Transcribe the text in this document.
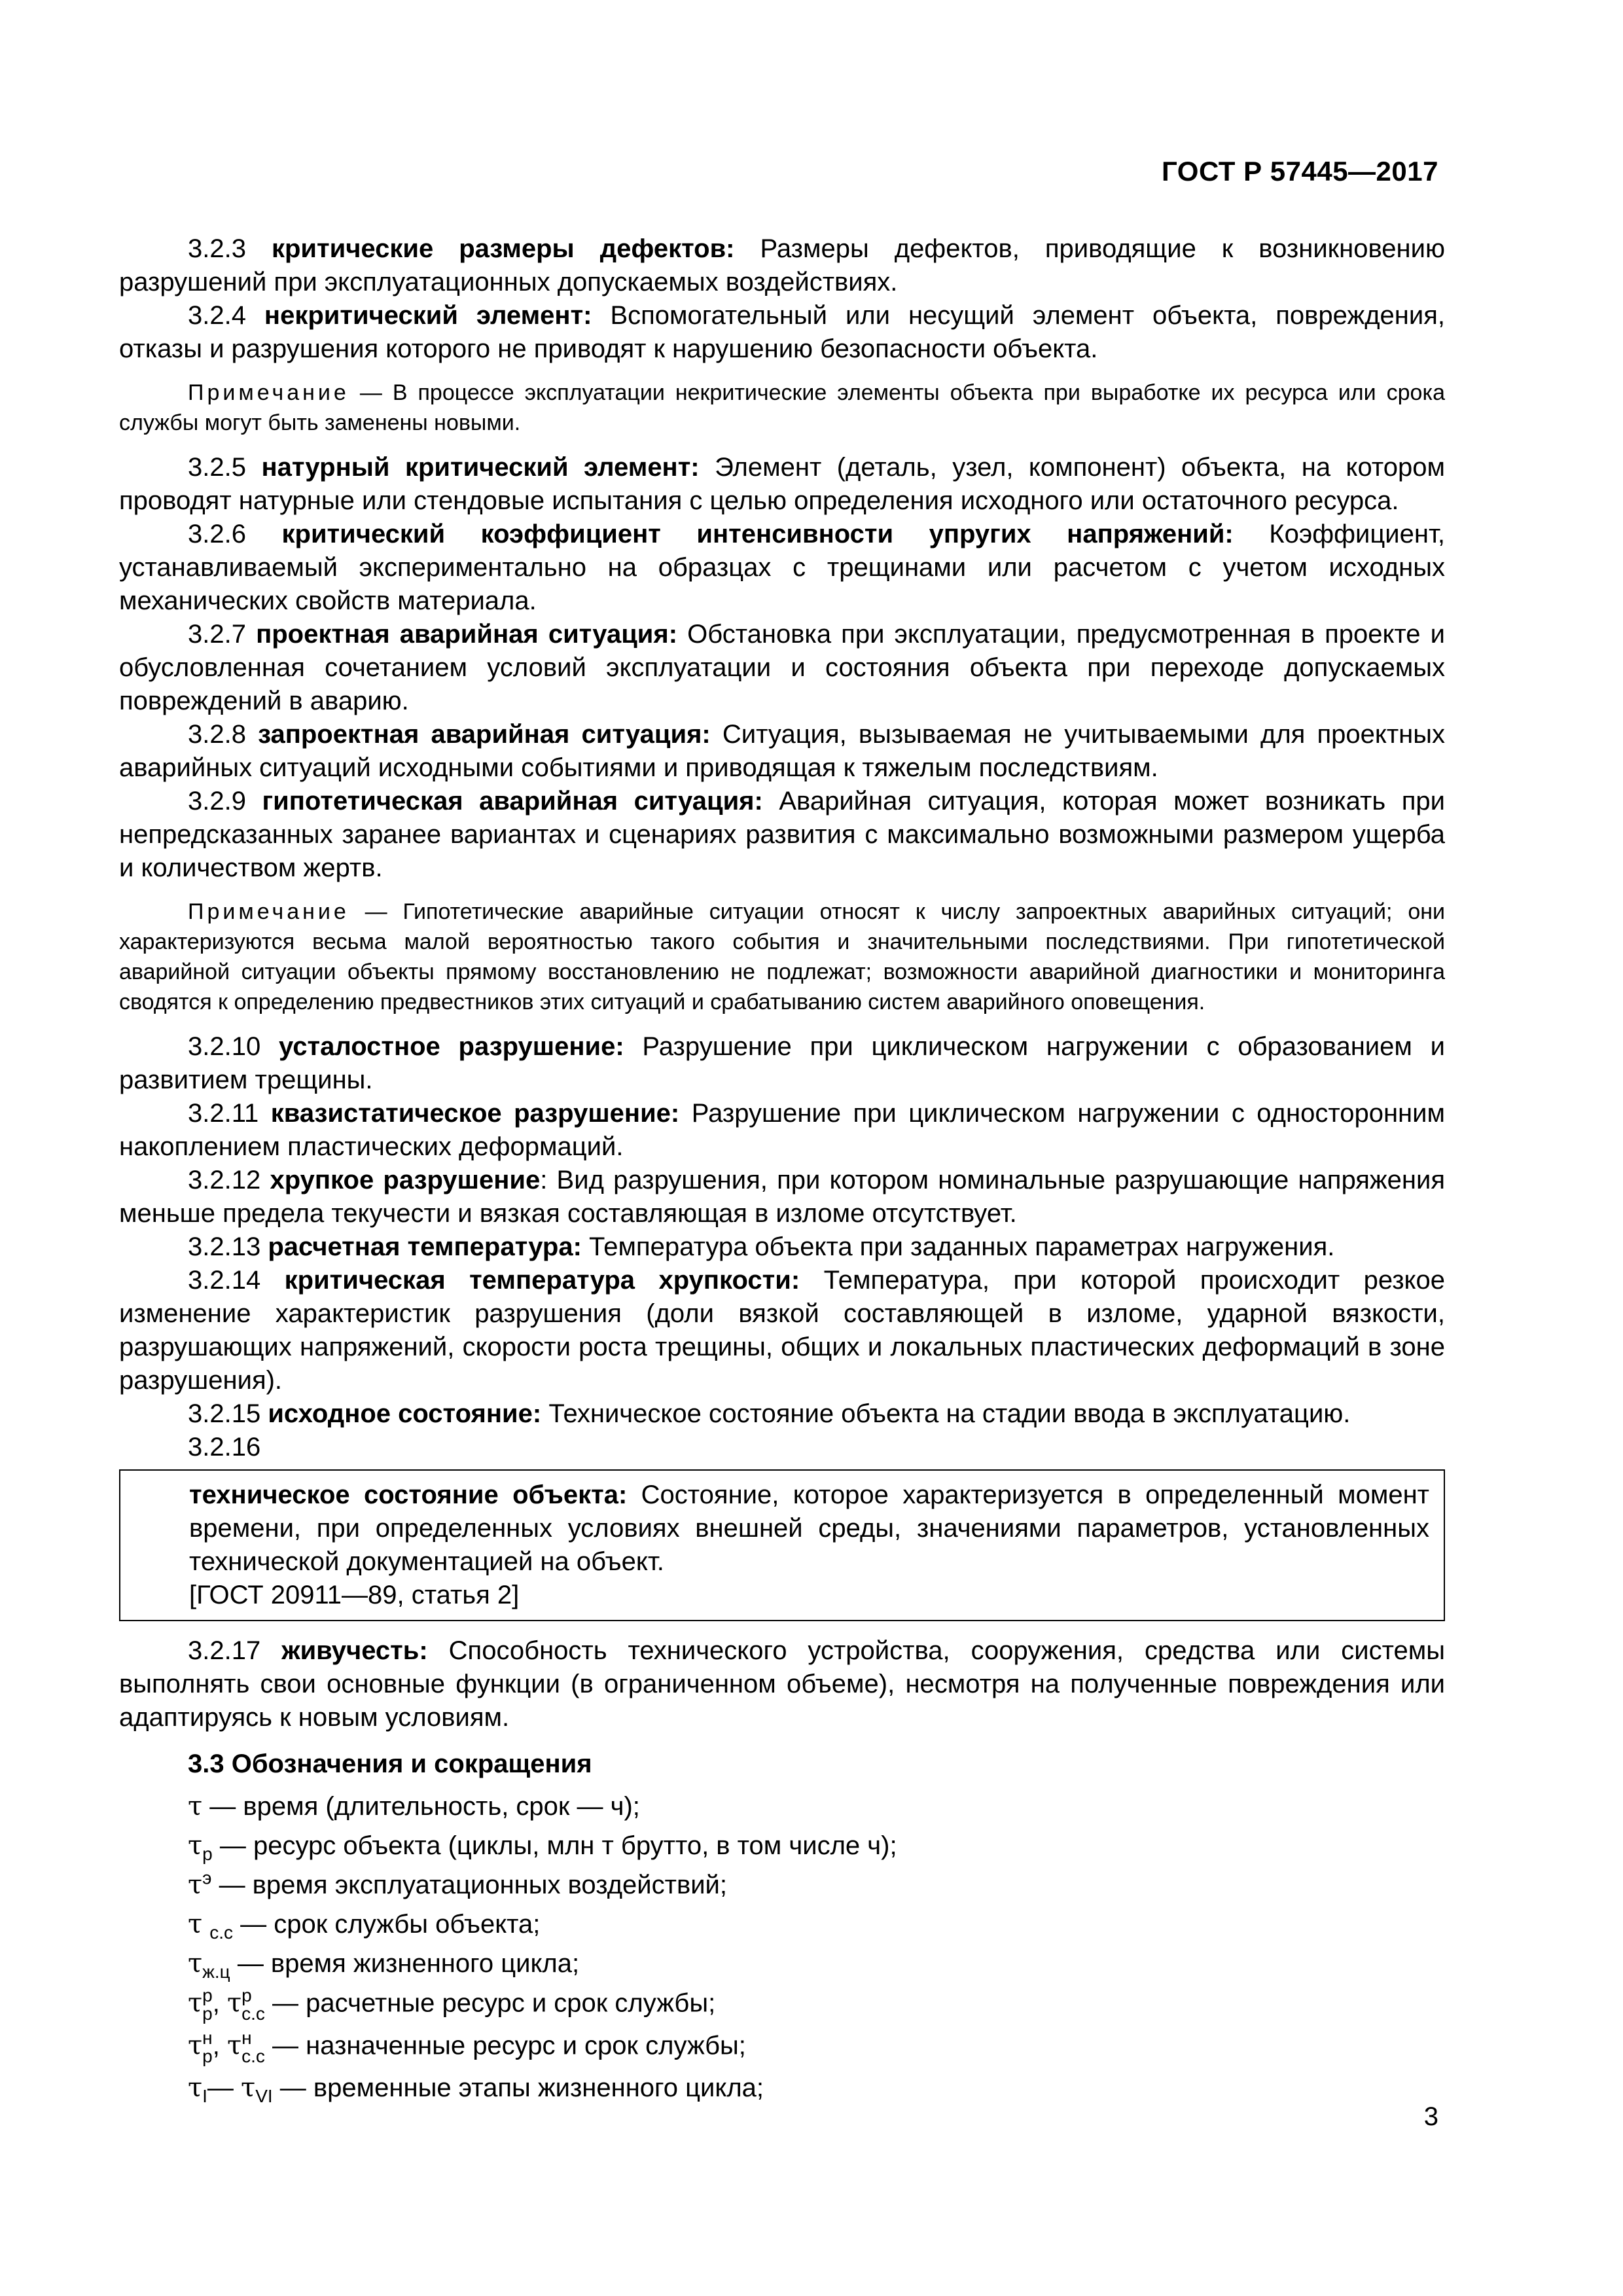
ГОСТ Р 57445—2017

3.2.3 критические размеры дефектов: Размеры дефектов, приводящие к возникновению разрушений при эксплуатационных допускаемых воздействиях.

3.2.4 некритический элемент: Вспомогательный или несущий элемент объекта, повреждения, отказы и разрушения которого не приводят к нарушению безопасности объекта.

Примечание — В процессе эксплуатации некритические элементы объекта при выработке их ресурса или срока службы могут быть заменены новыми.

3.2.5 натурный критический элемент: Элемент (деталь, узел, компонент) объекта, на котором проводят натурные или стендовые испытания с целью определения исходного или остаточного ресурса.

3.2.6 критический коэффициент интенсивности упругих напряжений: Коэффициент, устанавливаемый экспериментально на образцах с трещинами или расчетом с учетом исходных механических свойств материала.

3.2.7 проектная аварийная ситуация: Обстановка при эксплуатации, предусмотренная в проекте и обусловленная сочетанием условий эксплуатации и состояния объекта при переходе допускаемых повреждений в аварию.

3.2.8 запроектная аварийная ситуация: Ситуация, вызываемая не учитываемыми для проектных аварийных ситуаций исходными событиями и приводящая к тяжелым последствиям.

3.2.9 гипотетическая аварийная ситуация: Аварийная ситуация, которая может возникать при непредсказанных заранее вариантах и сценариях развития с максимально возможными размером ущерба и количеством жертв.

Примечание — Гипотетические аварийные ситуации относят к числу запроектных аварийных ситуаций; они характеризуются весьма малой вероятностью такого события и значительными последствиями. При гипотетической аварийной ситуации объекты прямому восстановлению не подлежат; возможности аварийной диагностики и мониторинга сводятся к определению предвестников этих ситуаций и срабатыванию систем аварийного оповещения.

3.2.10 усталостное разрушение: Разрушение при циклическом нагружении с образованием и развитием трещины.

3.2.11 квазистатическое разрушение: Разрушение при циклическом нагружении с односторонним накоплением пластических деформаций.

3.2.12 хрупкое разрушение: Вид разрушения, при котором номинальные разрушающие напряжения меньше предела текучести и вязкая составляющая в изломе отсутствует.

3.2.13 расчетная температура: Температура объекта при заданных параметрах нагружения.

3.2.14 критическая температура хрупкости: Температура, при которой происходит резкое изменение характеристик разрушения (доли вязкой составляющей в изломе, ударной вязкости, разрушающих напряжений, скорости роста трещины, общих и локальных пластических деформаций в зоне разрушения).

3.2.15 исходное состояние: Техническое состояние объекта на стадии ввода в эксплуатацию.

3.2.16

техническое состояние объекта: Состояние, которое характеризуется в определенный момент времени, при определенных условиях внешней среды, значениями параметров, установленных технической документацией на объект.

[ГОСТ 20911—89, статья 2]

3.2.17 живучесть: Способность технического устройства, сооружения, средства или системы выполнять свои основные функции (в ограниченном объеме), несмотря на полученные повреждения или адаптируясь к новым условиям.

3.3 Обозначения и сокращения

τ — время (длительность, срок — ч);

$\tau_р$ — ресурс объекта (циклы, млн т брутто, в том числе ч);

$\tau^э$ — время эксплуатационных воздействий;

τ $_{с.с}$ — срок службы объекта;

$\tau_{ж.ц}$ — время жизненного цикла;

τ р
р , τ р
с.с — расчетные ресурс и срок службы;

τ н
р , τ н
с.с — назначенные ресурс и срок службы;

$\tau_I—$ $\tau_{VI}$ — временные этапы жизненного цикла;

3
